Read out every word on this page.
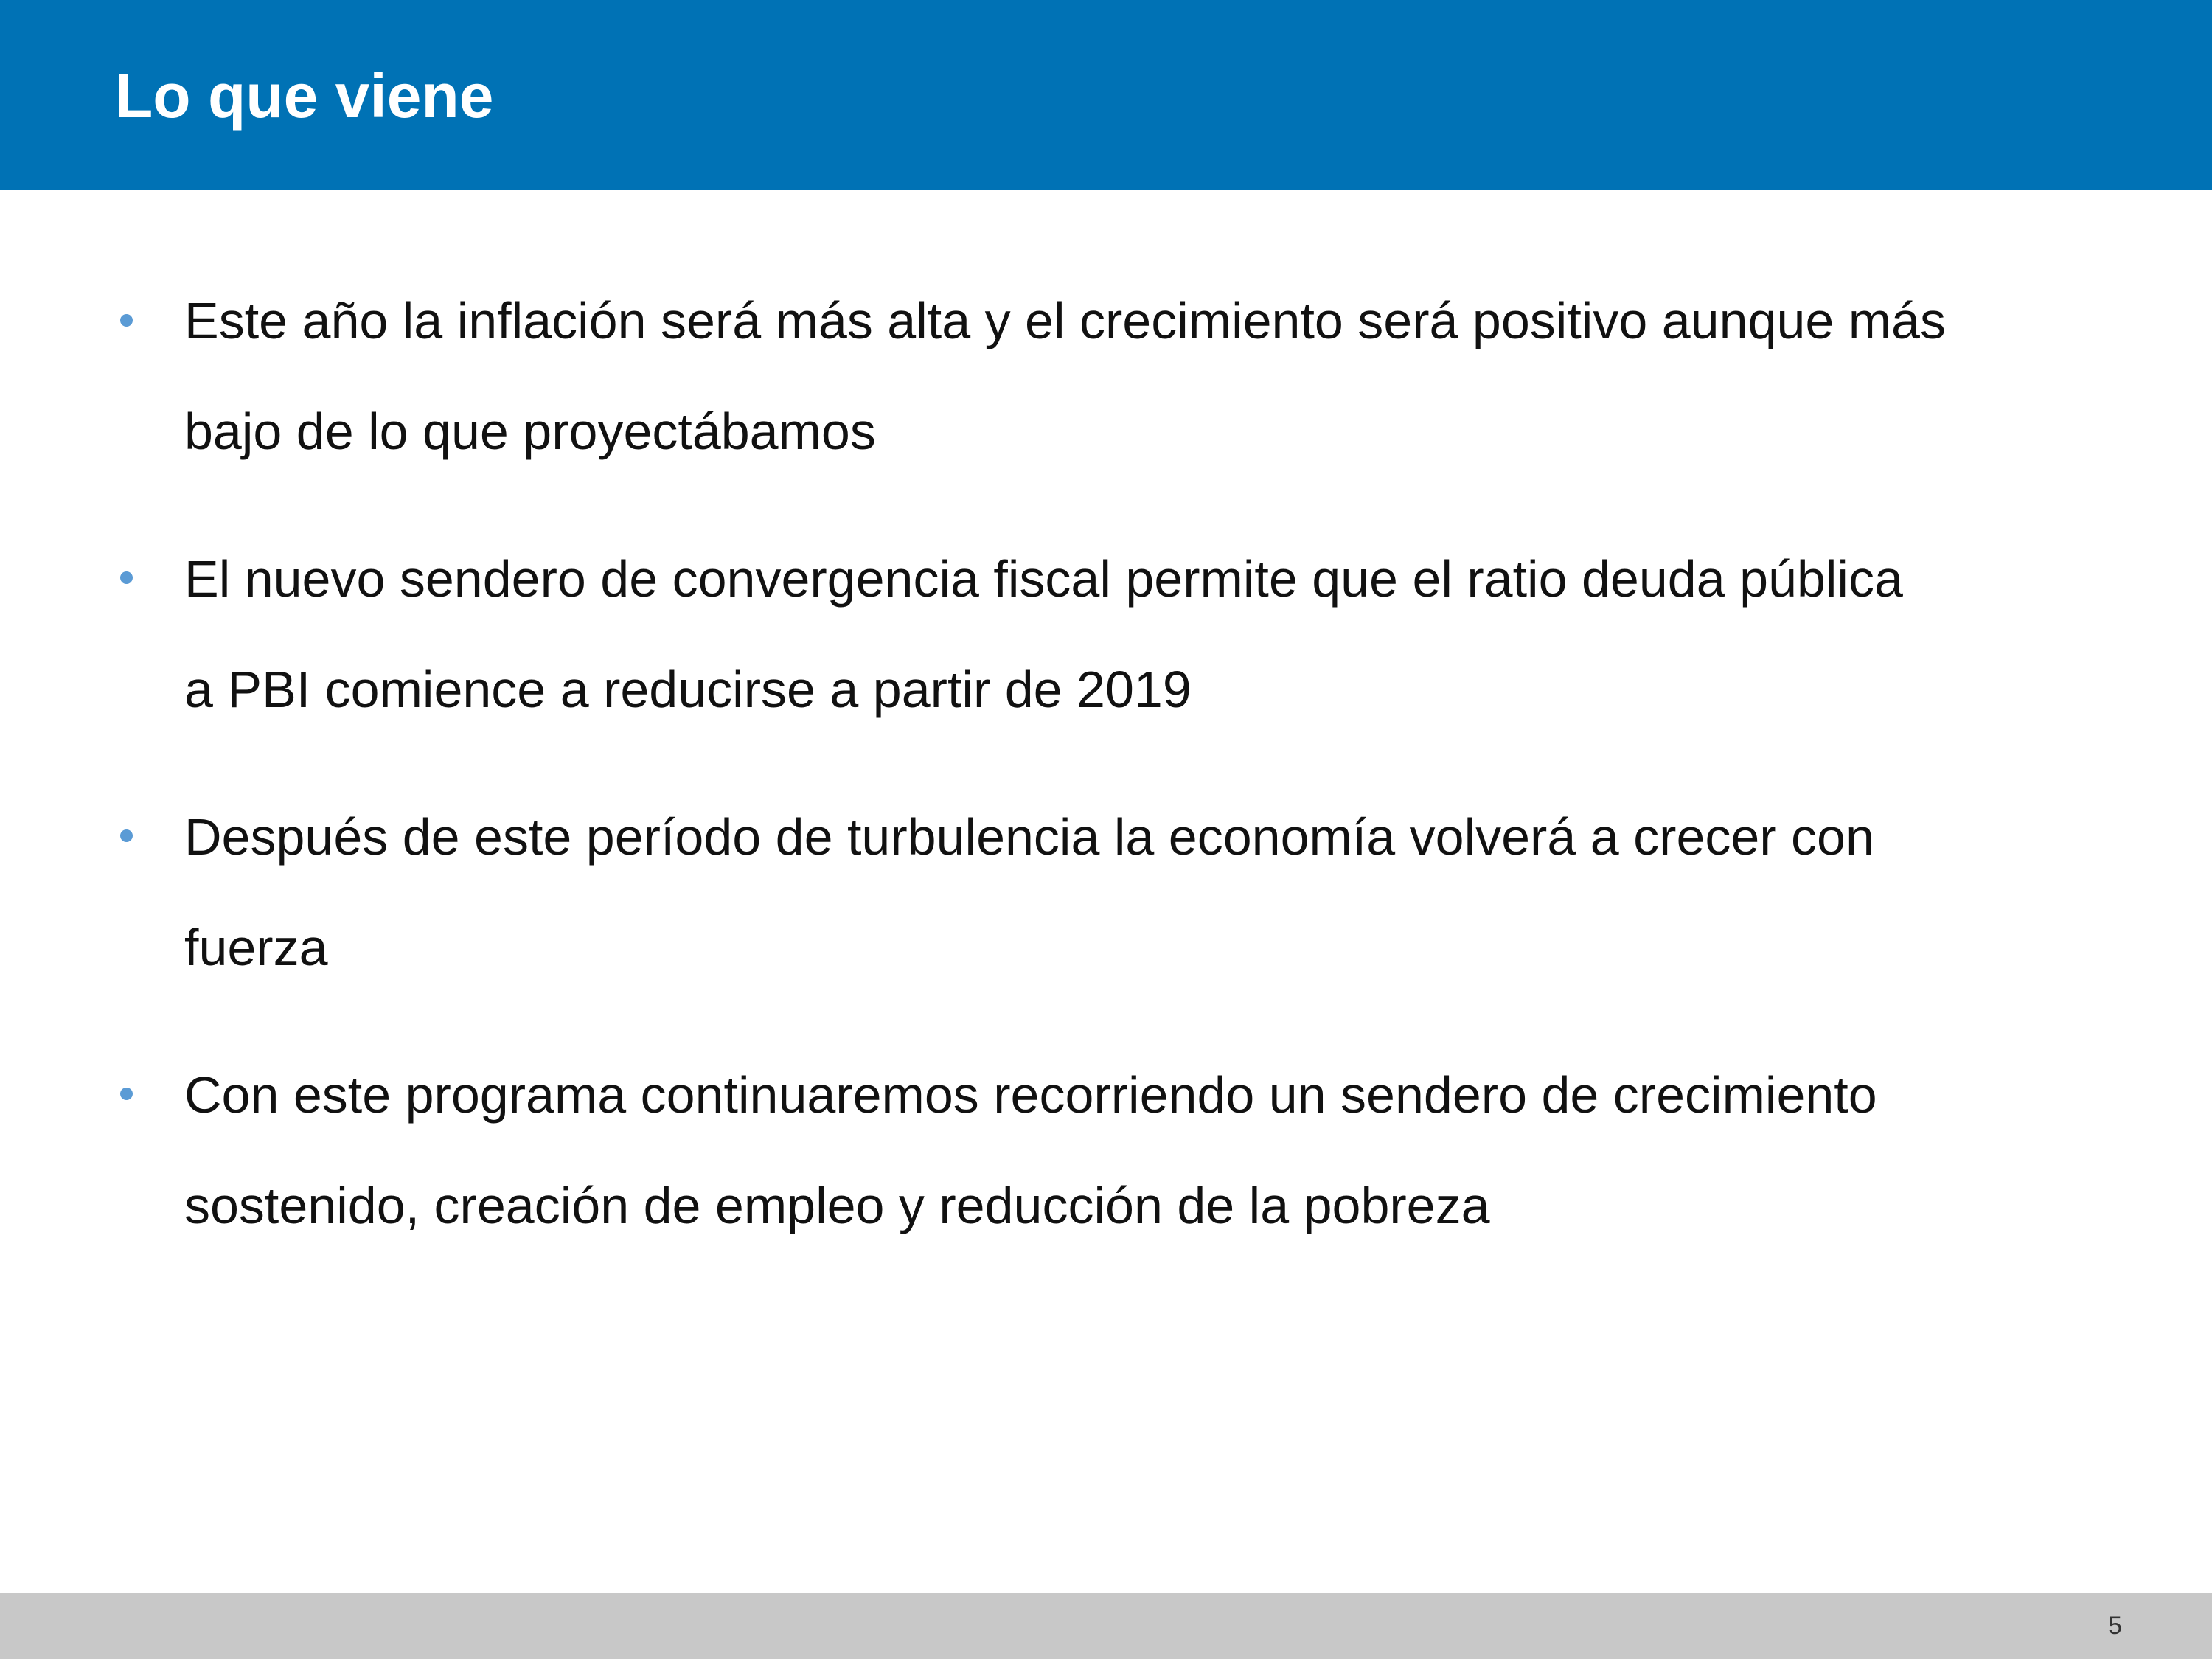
Lo que viene

Este año la inflación será más alta y el crecimiento será positivo aunque más

bajo de lo que proyectábamos

El nuevo sendero de convergencia fiscal permite que el ratio deuda pública

a PBI comience a reducirse a partir de 2019

Después de este período de turbulencia la economía volverá a crecer con

fuerza

Con este programa continuaremos recorriendo un sendero de crecimiento

sostenido, creación de empleo y reducción de la pobreza

5
